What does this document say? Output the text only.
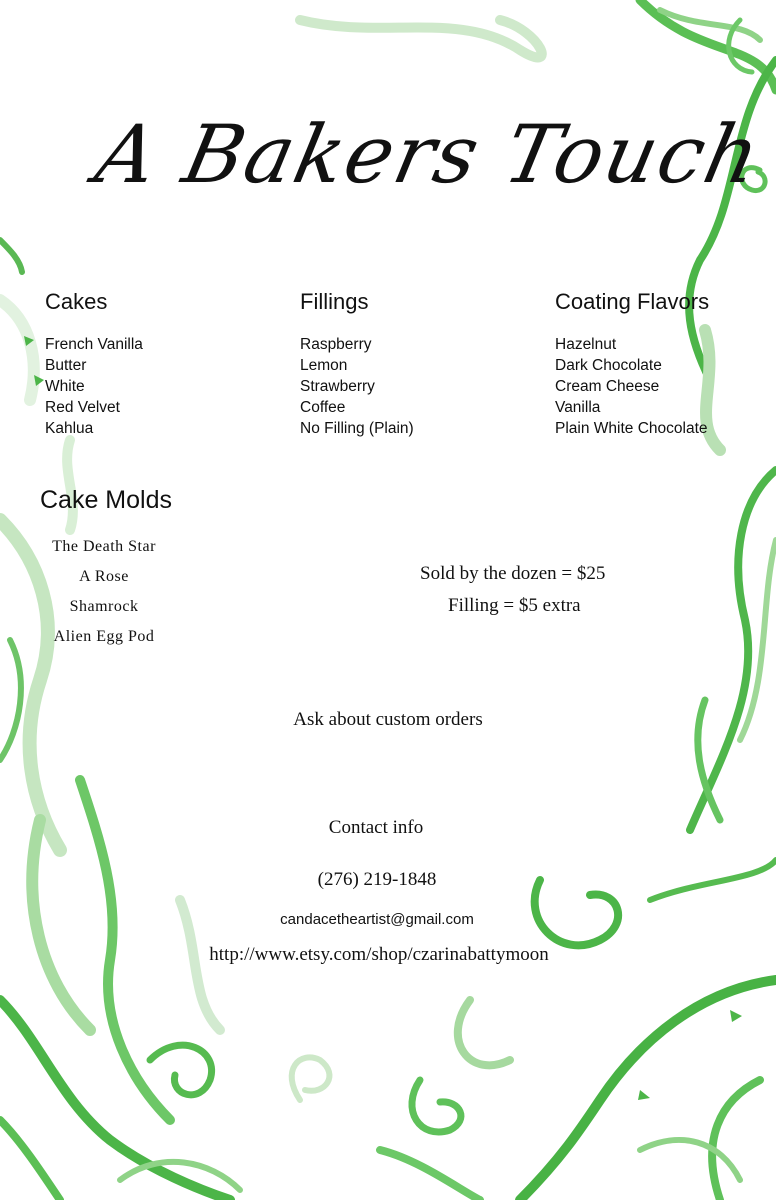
A Bakers Touch
Cakes
French Vanilla
Butter
White
Red Velvet
Kahlua
Fillings
Raspberry
Lemon
Strawberry
Coffee
No Filling (Plain)
Coating Flavors
Hazelnut
Dark Chocolate
Cream Cheese
Vanilla
Plain White Chocolate
Cake Molds
The Death Star
A Rose
Shamrock
Alien Egg Pod

Sold by the dozen = $25

Filling = $5 extra

Ask about custom orders

Contact info

(276) 219-1848

candacetheartist@gmail.com

http://www.etsy.com/shop/czarinabattymoon
